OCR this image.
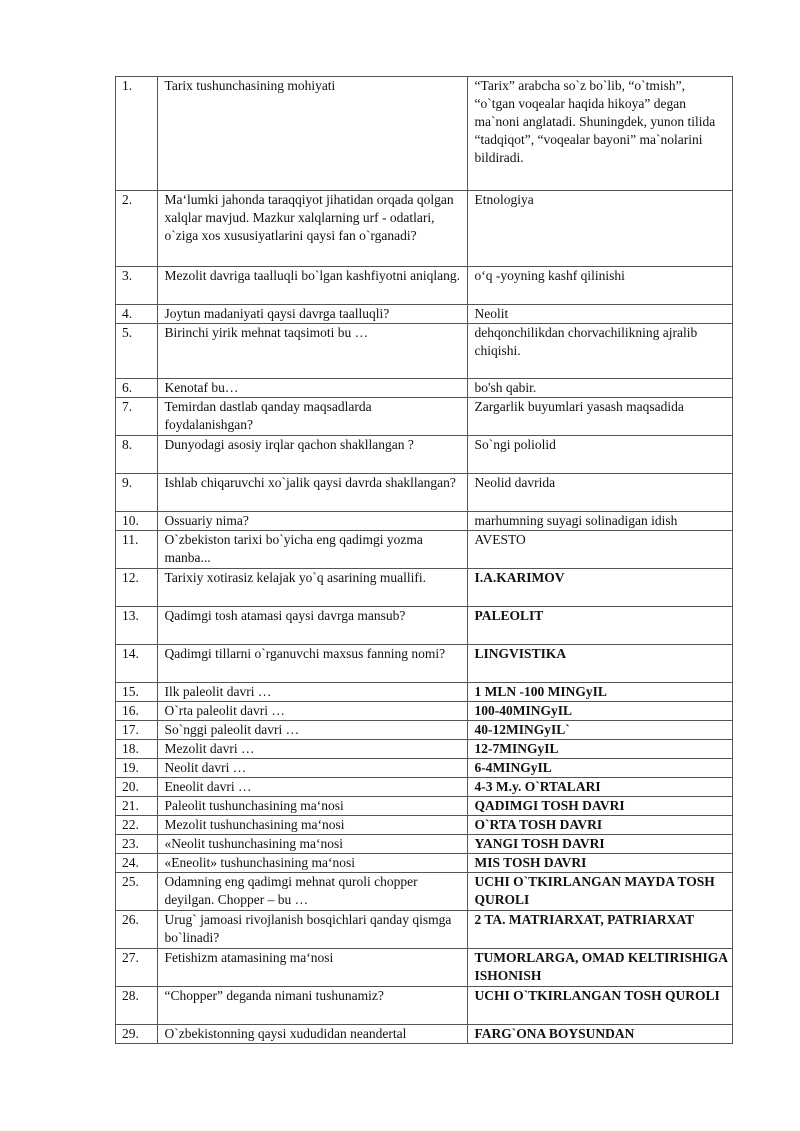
1.	Tarix tushunchasining mohiyati	“Tarix” arabcha so`z bo`lib, “o`tmish”, “o`tgan voqealar haqida hikoya” degan ma`noni anglatadi. Shuningdek, yunon tilida “tadqiqot”, “voqealar bayoni” ma`nolarini bildiradi.
2.	Ma‘lumki jahonda taraqqiyot jihatidan orqada qolgan xalqlar mavjud. Mazkur xalqlarning urf - odatlari, o`ziga xos xususiyatlarini qaysi fan o`rganadi?	Etnologiya
3.	Mezolit davriga taalluqli bo`lgan kashfiyotni aniqlang.	o‘q -yoyning kashf qilinishi
4.	Joytun madaniyati qaysi davrga taalluqli?	Neolit
5.	Birinchi yirik mehnat taqsimoti bu …	dehqonchilikdan chorvachilikning ajralib chiqishi.
6.	Kenotaf bu…	bo'sh qabir.
7.	Temirdan dastlab qanday maqsadlarda foydalanishgan?	Zargarlik buyumlari yasash maqsadida
8.	Dunyodagi asosiy irqlar qachon shakllangan ?	So`ngi poliolid
9.	Ishlab chiqaruvchi xo`jalik qaysi davrda shakllangan?	Neolid davrida
10.	Ossuariy nima?	marhumning suyagi solinadigan idish
11.	O`zbekiston tarixi bo`yicha eng qadimgi yozma manba...	AVESTO
12.	Tarixiy xotirasiz kelajak yo`q asarining muallifi.	I.A.KARIMOV
13.	Qadimgi tosh atamasi qaysi davrga mansub?	PALEOLIT
14.	Qadimgi tillarni o`rganuvchi maxsus fanning nomi?	LINGVISTIKA
15.	Ilk paleolit davri …	1 MLN -100 MINGyIL
16.	O`rta paleolit davri …	100-40MINGyIL
17.	So`nggi paleolit davri …	40-12MINGyIL`
18.	Mezolit davri …	12-7MINGyIL
19.	Neolit davri …	6-4MINGyIL
20.	Eneolit davri …	4-3 M.y. O`RTALARI
21.	Paleolit tushunchasining ma‘nosi	QADIMGI TOSH DAVRI
22.	Mezolit tushunchasining ma‘nosi	O`RTA TOSH DAVRI
23.	«Neolit tushunchasining ma‘nosi	YANGI TOSH DAVRI
24.	«Eneolit» tushunchasining ma‘nosi	MIS TOSH DAVRI
25.	Odamning eng qadimgi mehnat quroli chopper deyilgan. Chopper – bu …	UCHI O`TKIRLANGAN MAYDA TOSH QUROLI
26.	Urug` jamoasi rivojlanish bosqichlari qanday qismga bo`linadi?	2 TA. MATRIARXAT, PATRIARXAT
27.	Fetishizm atamasining ma‘nosi	TUMORLARGA, OMAD KELTIRISHIGA ISHONISH
28.	“Chopper” deganda nimani tushunamiz?	UCHI O`TKIRLANGAN TOSH QUROLI
29.	O`zbekistonning qaysi xududidan neandertal	FARG`ONA BOYSUNDAN
